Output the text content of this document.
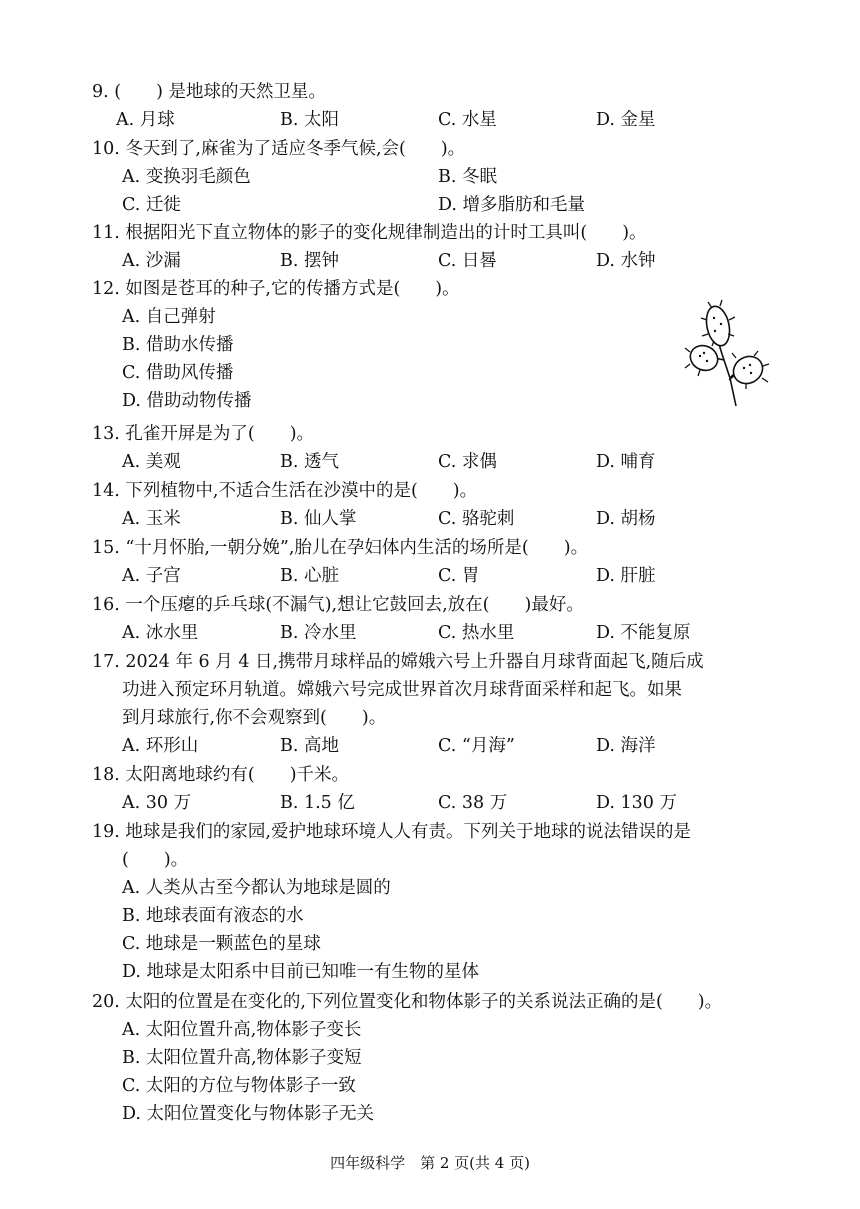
9. (　　) 是地球的天然卫星。
A. 月球	B. 太阳	C. 水星	D. 金星
10. 冬天到了,麻雀为了适应冬季气候,会(　　)。
A. 变换羽毛颜色	B. 冬眠
C. 迁徙	D. 增多脂肪和毛量
11. 根据阳光下直立物体的影子的变化规律制造出的计时工具叫(　　)。
A. 沙漏	B. 摆钟	C. 日晷	D. 水钟
12. 如图是苍耳的种子,它的传播方式是(　　)。
A. 自己弹射
B. 借助水传播
C. 借助风传播
D. 借助动物传播
13. 孔雀开屏是为了(　　)。
A. 美观	B. 透气	C. 求偶	D. 哺育
14. 下列植物中,不适合生活在沙漠中的是(　　)。
A. 玉米	B. 仙人掌	C. 骆驼刺	D. 胡杨
15. “十月怀胎,一朝分娩”,胎儿在孕妇体内生活的场所是(　　)。
A. 子宫	B. 心脏	C. 胃	D. 肝脏
16. 一个压瘪的乒乓球(不漏气),想让它鼓回去,放在(　　)最好。
A. 冰水里	B. 冷水里	C. 热水里	D. 不能复原
17. 2024 年 6 月 4 日,携带月球样品的嫦娥六号上升器自月球背面起飞,随后成
功进入预定环月轨道。嫦娥六号完成世界首次月球背面采样和起飞。如果
到月球旅行,你不会观察到(　　)。
A. 环形山	B. 高地	C. “月海”	D. 海洋
18. 太阳离地球约有(　　)千米。
A. 30 万	B. 1.5 亿	C. 38 万	D. 130 万
19. 地球是我们的家园,爱护地球环境人人有责。下列关于地球的说法错误的是
(　　)。
A. 人类从古至今都认为地球是圆的
B. 地球表面有液态的水
C. 地球是一颗蓝色的星球
D. 地球是太阳系中目前已知唯一有生物的星体
20. 太阳的位置是在变化的,下列位置变化和物体影子的关系说法正确的是(　　)。
A. 太阳位置升高,物体影子变长
B. 太阳位置升高,物体影子变短
C. 太阳的方位与物体影子一致
D. 太阳位置变化与物体影子无关
四年级科学　第 2 页(共 4 页)
